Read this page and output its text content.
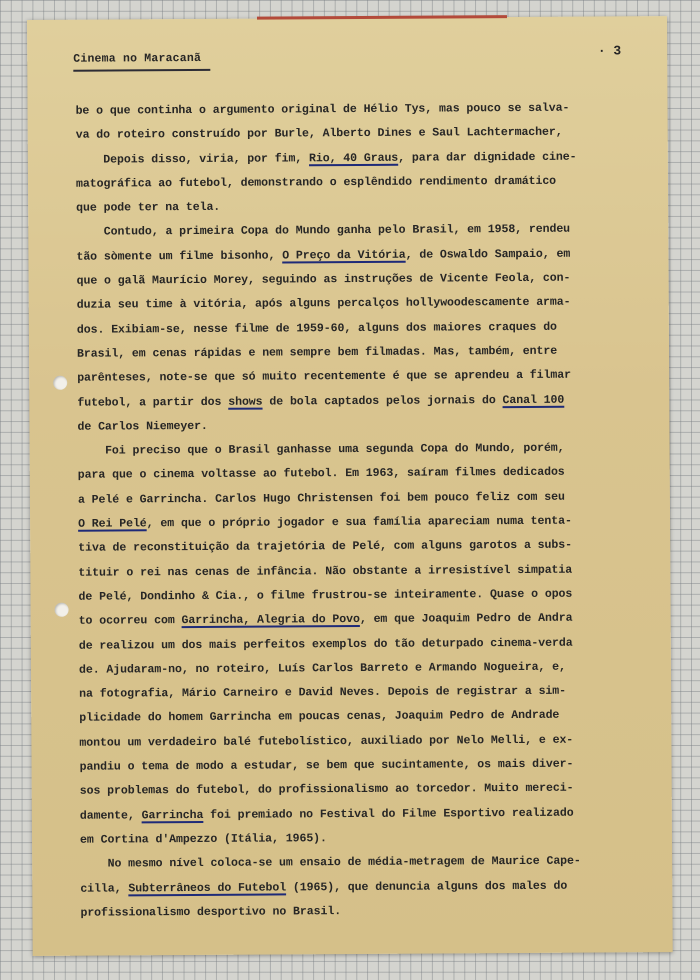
Cinema no Maracanã
· 3
be o que continha o argumento original de Hélio Tys, mas pouco se salva-
va do roteiro construído por Burle, Alberto Dines e Saul Lachtermacher,
Depois disso, viria, por fim, Rio, 40 Graus, para dar dignidade cine-
matográfica ao futebol, demonstrando o esplêndido rendimento dramático
que pode ter na tela.
Contudo, a primeira Copa do Mundo ganha pelo Brasil, em 1958, rendeu
tão sòmente um filme bisonho, O Preço da Vitória, de Oswaldo Sampaio, em
que o galã Maurício Morey, seguindo as instruções de Vicente Feola, con-
duzia seu time à vitória, após alguns percalços hollywoodescamente arma-
dos. Exibiam-se, nesse filme de 1959-60, alguns dos maiores craques do
Brasil, em cenas rápidas e nem sempre bem filmadas. Mas, também, entre
parênteses, note-se que só muito recentemente é que se aprendeu a filmar
futebol, a partir dos shows de bola captados pelos jornais do Canal 100
de Carlos Niemeyer.
Foi preciso que o Brasil ganhasse uma segunda Copa do Mundo, porém,
para que o cinema voltasse ao futebol. Em 1963, saíram filmes dedicados
a Pelé e Garrincha. Carlos Hugo Christensen foi bem pouco feliz com seu
O Rei Pelé, em que o próprio jogador e sua família apareciam numa tenta-
tiva de reconstituição da trajetória de Pelé, com alguns garotos a subs-
tituir o rei nas cenas de infância. Não obstante a irresistível simpatia
de Pelé, Dondinho & Cia., o filme frustrou-se inteiramente. Quase o opos
to ocorreu com Garrincha, Alegria do Povo, em que Joaquim Pedro de Andra
de realizou um dos mais perfeitos exemplos do tão deturpado cinema-verda
de. Ajudaram-no, no roteiro, Luís Carlos Barreto e Armando Nogueira, e,
na fotografia, Mário Carneiro e David Neves. Depois de registrar a sim-
plicidade do homem Garrincha em poucas cenas, Joaquim Pedro de Andrade
montou um verdadeiro balé futebolístico, auxiliado por Nelo Melli, e ex-
pandiu o tema de modo a estudar, se bem que sucintamente, os mais diver-
sos problemas do futebol, do profissionalismo ao torcedor. Muito mereci-
damente, Garrincha foi premiado no Festival do Filme Esportivo realizado
em Cortina d'Ampezzo (Itália, 1965).
No mesmo nível coloca-se um ensaio de média-metragem de Maurice Cape-
cilla, Subterrâneos do Futebol (1965), que denuncia alguns dos males do
profissionalismo desportivo no Brasil.
